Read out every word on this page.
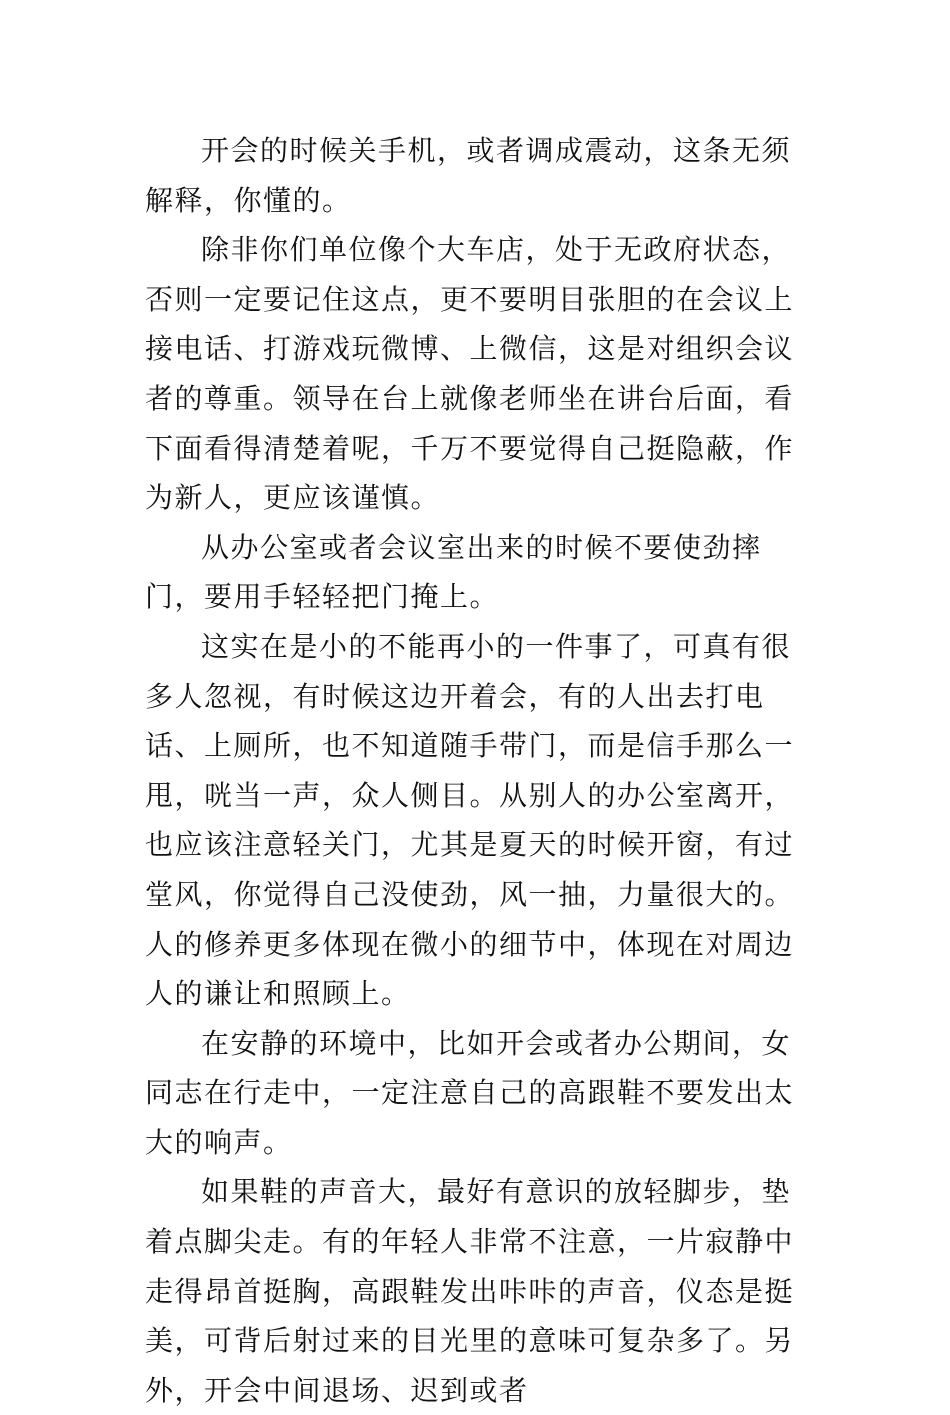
开会的时候关手机，或者调成震动，这条无须解释，你懂的。

除非你们单位像个大车店，处于无政府状态，否则一定要记住这点，更不要明目张胆的在会议上接电话、打游戏玩微博、上微信，这是对组织会议者的尊重。领导在台上就像老师坐在讲台后面，看下面看得清楚着呢，千万不要觉得自己挺隐蔽，作为新人，更应该谨慎。

从办公室或者会议室出来的时候不要使劲摔门，要用手轻轻把门掩上。

这实在是小的不能再小的一件事了，可真有很多人忽视，有时候这边开着会，有的人出去打电话、上厕所，也不知道随手带门，而是信手那么一甩，咣当一声，众人侧目。从别人的办公室离开，也应该注意轻关门，尤其是夏天的时候开窗，有过堂风，你觉得自己没使劲，风一抽，力量很大的。人的修养更多体现在微小的细节中，体现在对周边人的谦让和照顾上。

在安静的环境中，比如开会或者办公期间，女同志在行走中，一定注意自己的高跟鞋不要发出太大的响声。

如果鞋的声音大，最好有意识的放轻脚步，垫着点脚尖走。有的年轻人非常不注意，一片寂静中走得昂首挺胸，高跟鞋发出咔咔的声音，仪态是挺美，可背后射过来的目光里的意味可复杂多了。另外，开会中间退场、迟到或者
